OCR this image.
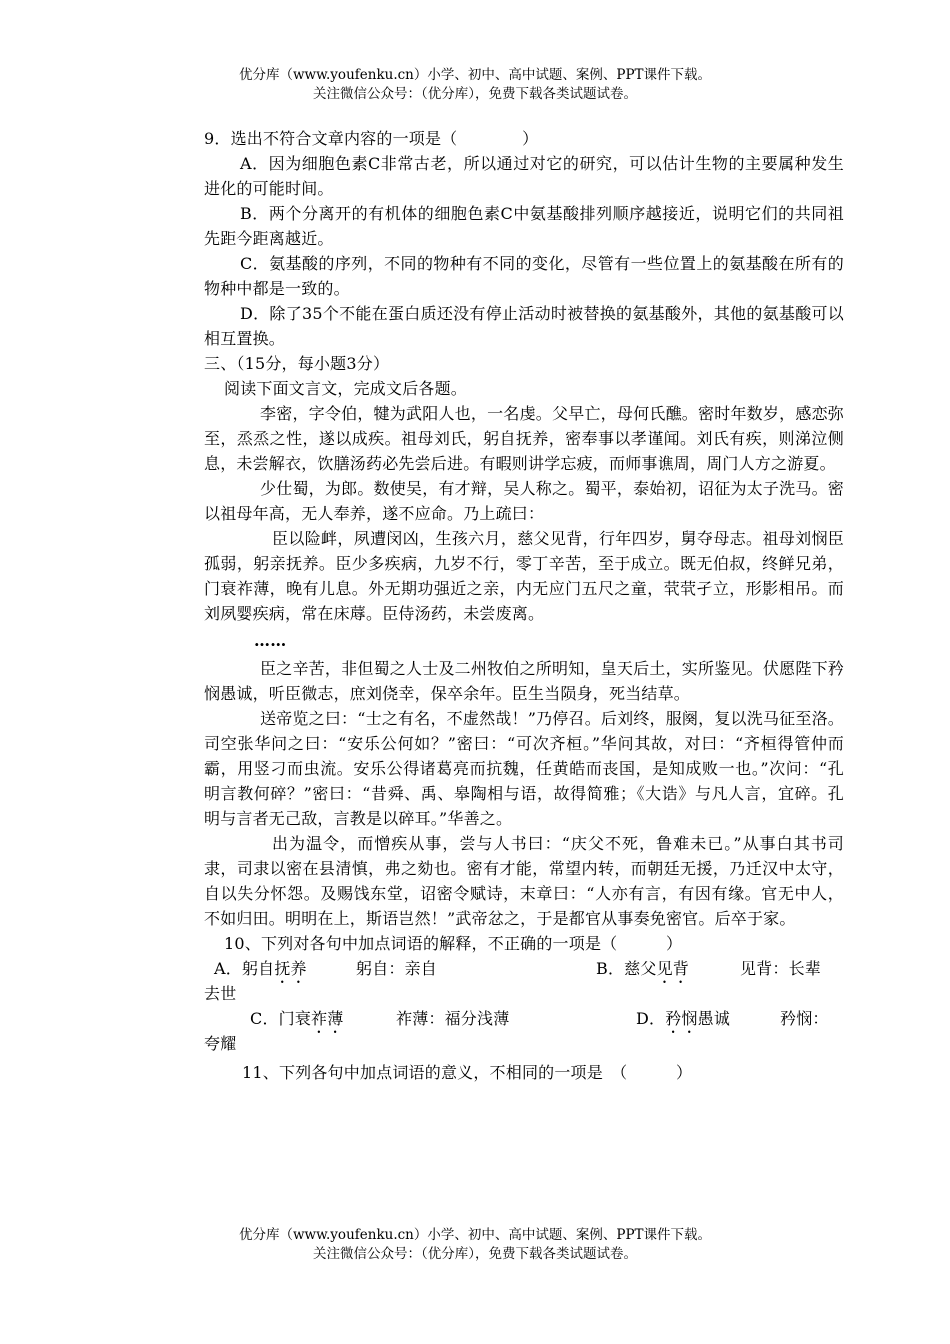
优分库（www.youfenku.cn）小学、初中、高中试题、案例、PPT课件下载。
关注微信公众号：（优分库），免费下载各类试题试卷。

9．选出不符合文章内容的一项是（　　　　）

A．因为细胞色素C非常古老，所以通过对它的研究，可以估计生物的主要属种发生进化的可能时间。

B．两个分离开的有机体的细胞色素C中氨基酸排列顺序越接近，说明它们的共同祖先距今距离越近。

C．氨基酸的序列，不同的物种有不同的变化，尽管有一些位置上的氨基酸在所有的物种中都是一致的。

D．除了35个不能在蛋白质还没有停止活动时被替换的氨基酸外，其他的氨基酸可以相互置换。

三、（15分，每小题3分）

阅读下面文言文，完成文后各题。

李密，字令伯，犍为武阳人也，一名虔。父早亡，母何氏醮。密时年数岁，感恋弥至，烝烝之性，遂以成疾。祖母刘氏，躬自抚养，密奉事以孝谨闻。刘氏有疾，则涕泣侧息，未尝解衣，饮膳汤药必先尝后进。有暇则讲学忘疲，而师事谯周，周门人方之游夏。

少仕蜀，为郎。数使吴，有才辩，吴人称之。蜀平，泰始初，诏征为太子洗马。密以祖母年高，无人奉养，遂不应命。乃上疏曰：

臣以险衅，夙遭闵凶，生孩六月，慈父见背，行年四岁，舅夺母志。祖母刘悯臣孤弱，躬亲抚养。臣少多疾病，九岁不行，零丁辛苦，至于成立。既无伯叔，终鲜兄弟，门衰祚薄，晚有儿息。外无期功强近之亲，内无应门五尺之童，茕茕孑立，形影相吊。而刘夙婴疾病，常在床蓐。臣侍汤药，未尝废离。

……

臣之辛苦，非但蜀之人士及二州牧伯之所明知，皇天后土，实所鉴见。伏愿陛下矜悯愚诚，听臣微志，庶刘侥幸，保卒余年。臣生当陨身，死当结草。

送帝览之曰：“士之有名，不虚然哉！”乃停召。后刘终，服阕，复以洗马征至洛。司空张华问之曰：“安乐公何如？”密曰：“可次齐桓。”华问其故，对曰：“齐桓得管仲而霸，用竖刁而虫流。安乐公得诸葛亮而抗魏，任黄皓而丧国，是知成败一也。”次问：“孔明言教何碎？”密曰：“昔舜、禹、皋陶相与语，故得简雅；《大诰》与凡人言，宜碎。孔明与言者无己敌，言教是以碎耳。”华善之。

出为温令，而憎疾从事，尝与人书曰：“庆父不死，鲁难未已。”从事白其书司隶，司隶以密在县清慎，弗之劾也。密有才能，常望内转，而朝廷无援，乃迁汉中太守，自以失分怀怨。及赐饯东堂，诏密令赋诗，末章曰：“人亦有言，有因有缘。官无中人，不如归田。明明在上，斯语岂然！”武帝忿之，于是都官从事奏免密官。后卒于家。

10、下列对各句中加点词语的解释，不正确的一项是（　　　）

A．躬自抚养	躬自：亲自	B．慈父见背	见背：长辈
去世
C．门衰祚薄	祚薄：福分浅薄	D．矜悯愚诚	矜悯：
夸耀

11、下列各句中加点词语的意义，不相同的一项是　（　　　）

优分库（www.youfenku.cn）小学、初中、高中试题、案例、PPT课件下载。
关注微信公众号：（优分库），免费下载各类试题试卷。
